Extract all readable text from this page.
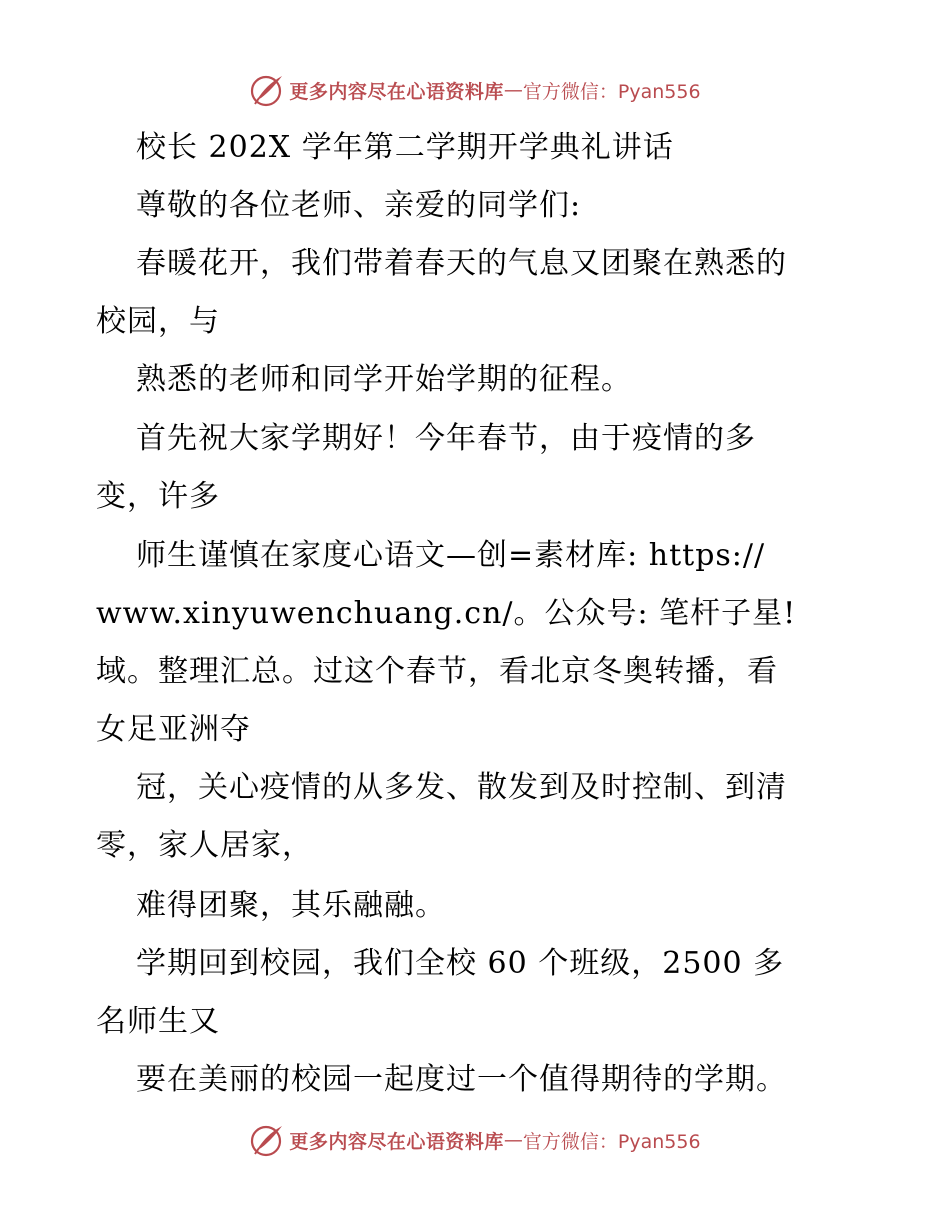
更多内容尽在心语资料库 — 官方微信：Pyan556
校长 202X 学年第二学期开学典礼讲话
尊敬的各位老师、亲爱的同学们:
春暖花开，我们带着春天的气息又团聚在熟悉的
校园，与
熟悉的老师和同学开始学期的征程。
首先祝大家学期好！今年春节，由于疫情的多
变，许多
师生谨慎在家度心语文—创=素材库: https://
www.xinyuwenchuang.cn/。公众号: 笔杆子星!
域。整理汇总。过这个春节，看北京冬奥转播，看
女足亚洲夺
冠，关心疫情的从多发、散发到及时控制、到清
零，家人居家，
难得团聚，其乐融融。
学期回到校园，我们全校 60 个班级，2500 多
名师生又
要在美丽的校园一起度过一个值得期待的学期。
更多内容尽在心语资料库 — 官方微信：Pyan556
